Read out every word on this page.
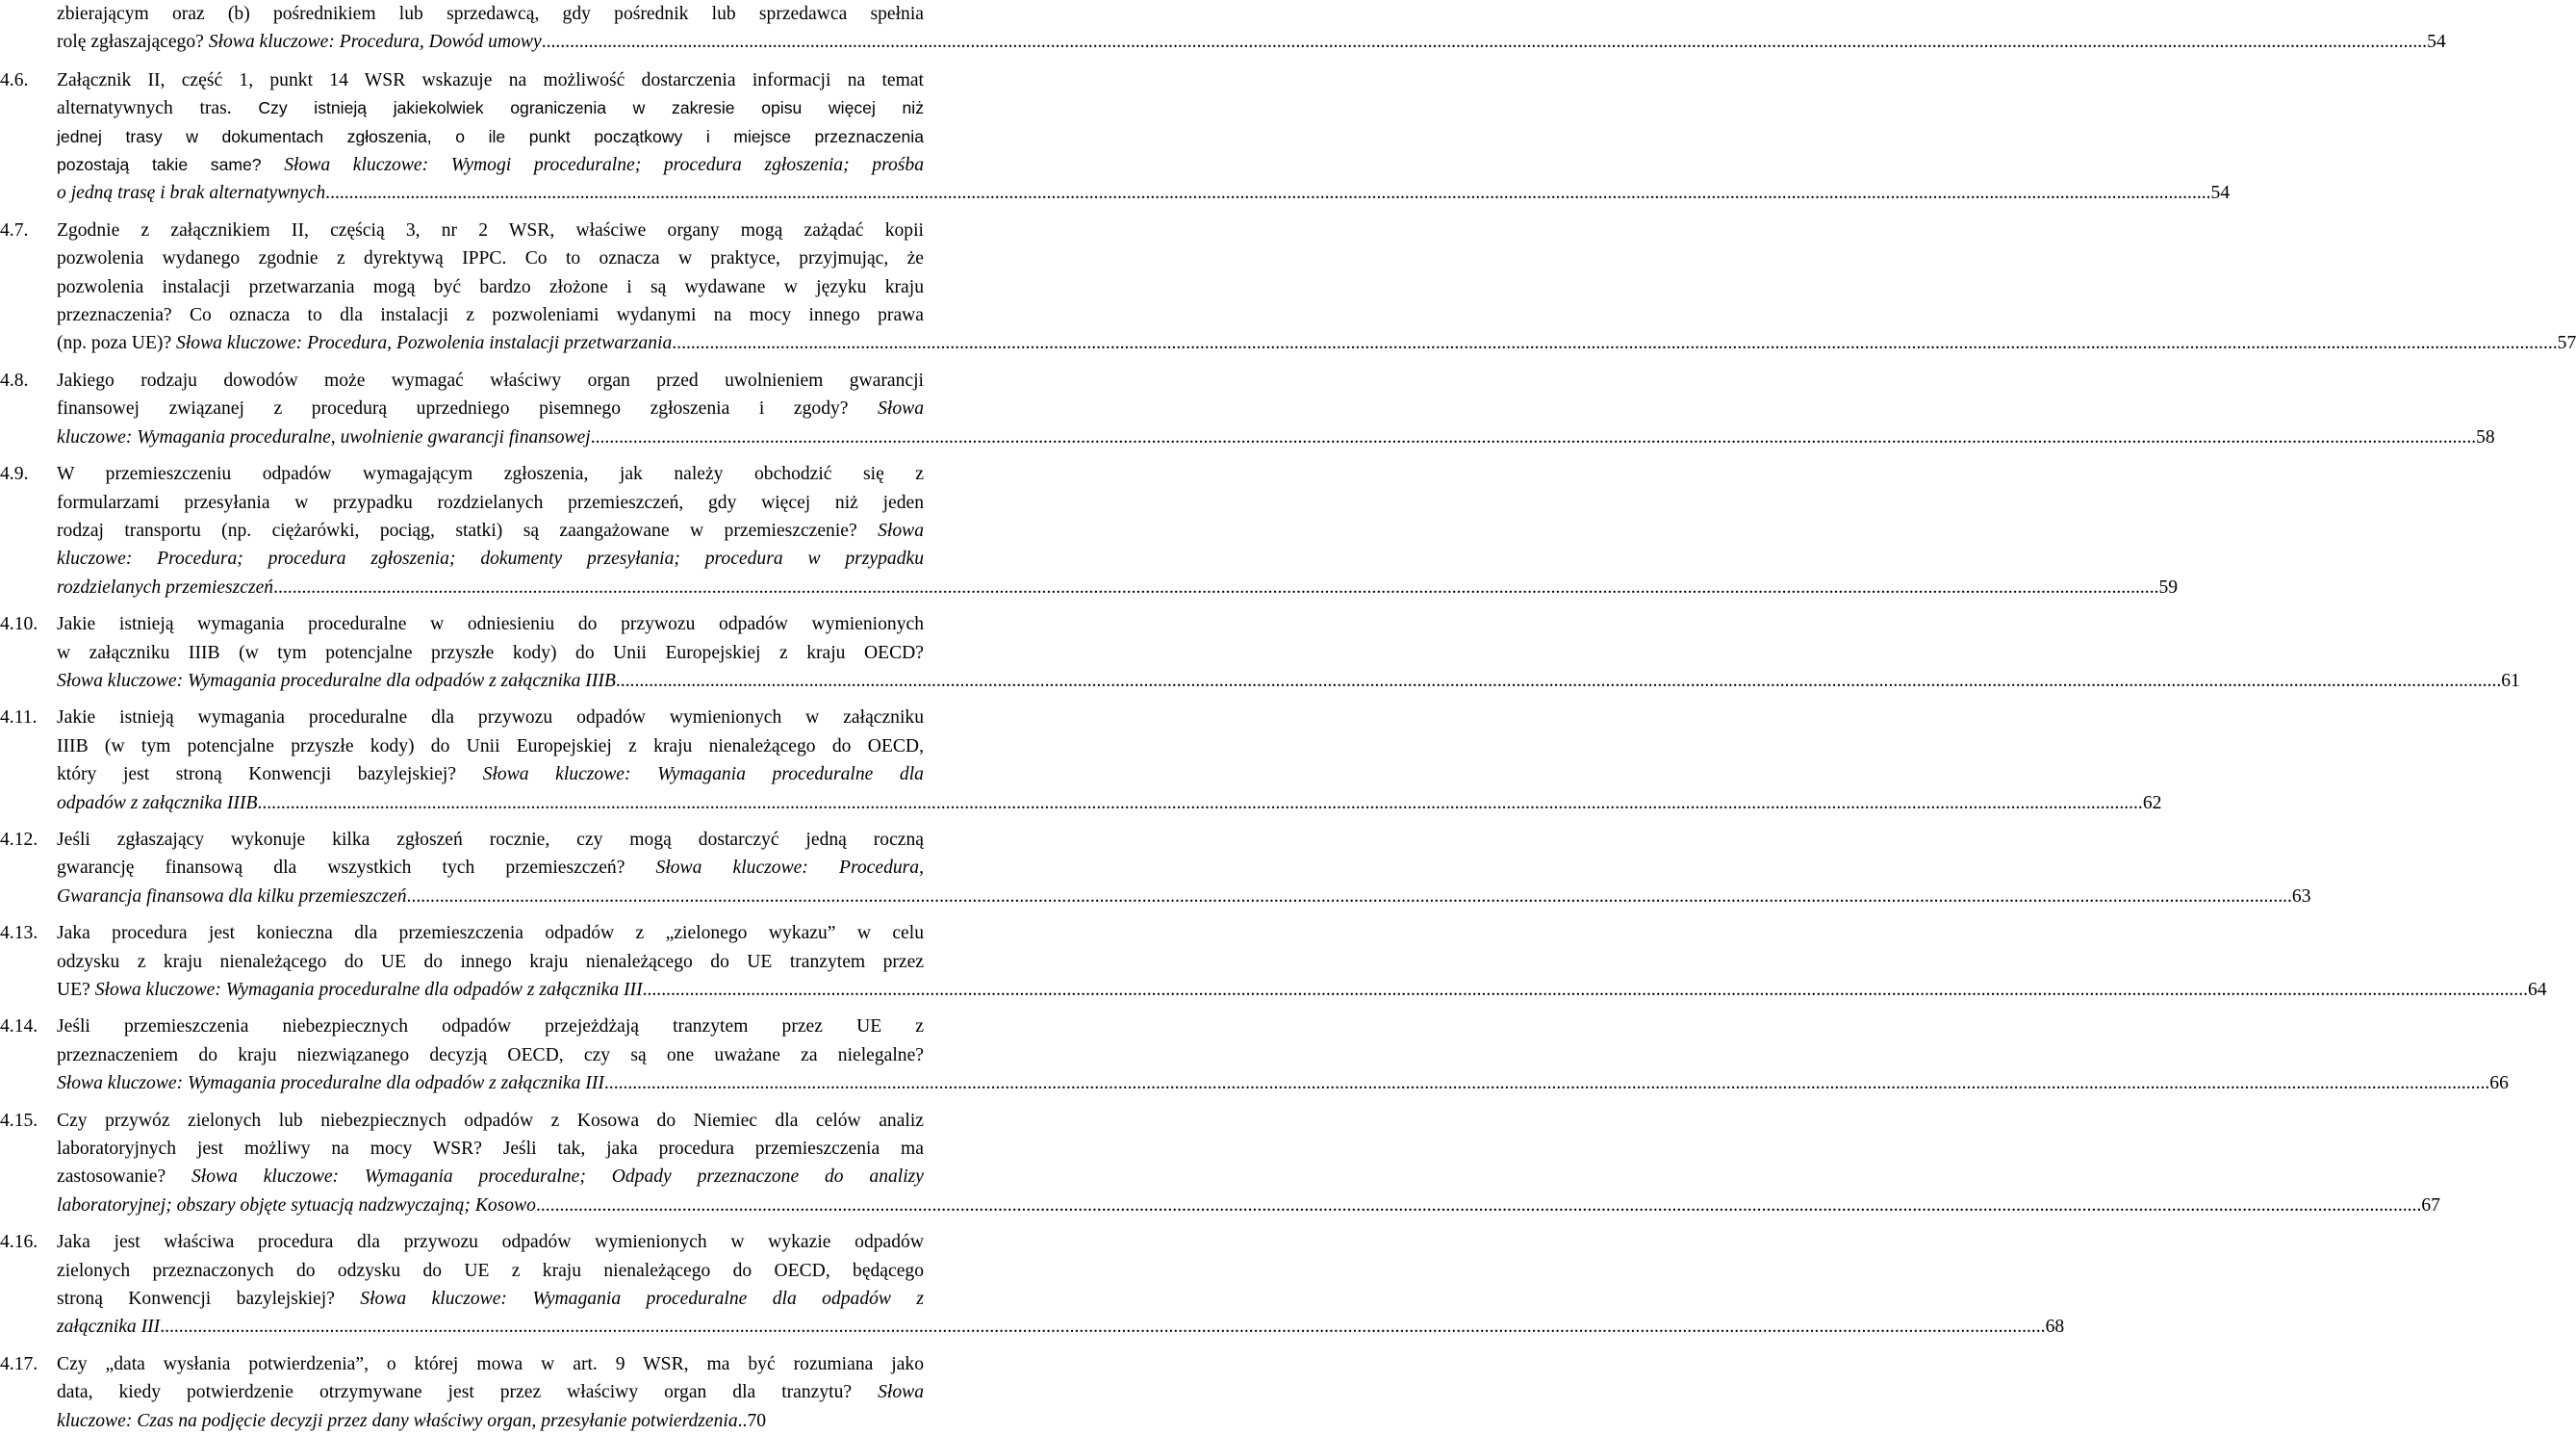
zbierającym oraz (b) pośrednikiem lub sprzedawcą, gdy pośrednik lub sprzedawca spełnia
rolę zgłaszającego? Słowa kluczowe: Procedura, Dowód umowy ................................................................................................................................................................................................................................................................................................................................................................................................................ 54
4.6.	Załącznik II, część 1, punkt 14 WSR wskazuje na możliwość dostarczenia informacji na temat
alternatywnych tras. Czy istnieją jakiekolwiek ograniczenia w zakresie opisu więcej niż
jednej trasy w dokumentach zgłoszenia, o ile punkt początkowy i miejsce przeznaczenia
pozostają takie same? Słowa kluczowe: Wymogi proceduralne; procedura zgłoszenia; prośba
o jedną trasę i brak alternatywnych ................................................................................................................................................................................................................................................................................................................................................................................................................ 54
4.7.	Zgodnie z załącznikiem II, częścią 3, nr 2 WSR, właściwe organy mogą zażądać kopii
pozwolenia wydanego zgodnie z dyrektywą IPPC. Co to oznacza w praktyce, przyjmując, że
pozwolenia instalacji przetwarzania mogą być bardzo złożone i są wydawane w języku kraju
przeznaczenia? Co oznacza to dla instalacji z pozwoleniami wydanymi na mocy innego prawa
(np. poza UE)? Słowa kluczowe: Procedura, Pozwolenia instalacji przetwarzania ................................................................................................................................................................................................................................................................................................................................................................................................................ 57
4.8.	Jakiego rodzaju dowodów może wymagać właściwy organ przed uwolnieniem gwarancji
finansowej związanej z procedurą uprzedniego pisemnego zgłoszenia i zgody? Słowa
kluczowe: Wymagania proceduralne, uwolnienie gwarancji finansowej ................................................................................................................................................................................................................................................................................................................................................................................................................ 58
4.9.	W przemieszczeniu odpadów wymagającym zgłoszenia, jak należy obchodzić się z
formularzami przesyłania w przypadku rozdzielanych przemieszczeń, gdy więcej niż jeden
rodzaj transportu (np. ciężarówki, pociąg, statki) są zaangażowane w przemieszczenie? Słowa
kluczowe: Procedura; procedura zgłoszenia; dokumenty przesyłania; procedura w przypadku
rozdzielanych przemieszczeń ................................................................................................................................................................................................................................................................................................................................................................................................................ 59
4.10.	Jakie istnieją wymagania proceduralne w odniesieniu do przywozu odpadów wymienionych
w załączniku IIIB (w tym potencjalne przyszłe kody) do Unii Europejskiej z kraju OECD?
Słowa kluczowe: Wymagania proceduralne dla odpadów z załącznika IIIB ................................................................................................................................................................................................................................................................................................................................................................................................................ 61
4.11.	Jakie istnieją wymagania proceduralne dla przywozu odpadów wymienionych w załączniku
IIIB (w tym potencjalne przyszłe kody) do Unii Europejskiej z kraju nienależącego do OECD,
który jest stroną Konwencji bazylejskiej? Słowa kluczowe: Wymagania proceduralne dla
odpadów z załącznika IIIB ................................................................................................................................................................................................................................................................................................................................................................................................................ 62
4.12.	Jeśli zgłaszający wykonuje kilka zgłoszeń rocznie, czy mogą dostarczyć jedną roczną
gwarancję finansową dla wszystkich tych przemieszczeń? Słowa kluczowe: Procedura,
Gwarancja finansowa dla kilku przemieszczeń ................................................................................................................................................................................................................................................................................................................................................................................................................ 63
4.13.	Jaka procedura jest konieczna dla przemieszczenia odpadów z „zielonego wykazu” w celu
odzysku z kraju nienależącego do UE do innego kraju nienależącego do UE tranzytem przez
UE? Słowa kluczowe: Wymagania proceduralne dla odpadów z załącznika III ................................................................................................................................................................................................................................................................................................................................................................................................................ 64
4.14.	Jeśli przemieszczenia niebezpiecznych odpadów przejeżdżają tranzytem przez UE z
przeznaczeniem do kraju niezwiązanego decyzją OECD, czy są one uważane za nielegalne?
Słowa kluczowe: Wymagania proceduralne dla odpadów z załącznika III ................................................................................................................................................................................................................................................................................................................................................................................................................ 66
4.15.	Czy przywóz zielonych lub niebezpiecznych odpadów z Kosowa do Niemiec dla celów analiz
laboratoryjnych jest możliwy na mocy WSR? Jeśli tak, jaka procedura przemieszczenia ma
zastosowanie? Słowa kluczowe: Wymagania proceduralne; Odpady przeznaczone do analizy
laboratoryjnej; obszary objęte sytuacją nadzwyczajną; Kosowo ................................................................................................................................................................................................................................................................................................................................................................................................................ 67
4.16.	Jaka jest właściwa procedura dla przywozu odpadów wymienionych w wykazie odpadów
zielonych przeznaczonych do odzysku do UE z kraju nienależącego do OECD, będącego
stroną Konwencji bazylejskiej? Słowa kluczowe: Wymagania proceduralne dla odpadów z
załącznika III ................................................................................................................................................................................................................................................................................................................................................................................................................ 68
4.17.	Czy „data wysłania potwierdzenia”, o której mowa w art. 9 WSR, ma być rozumiana jako
data, kiedy potwierdzenie otrzymywane jest przez właściwy organ dla tranzytu? Słowa
kluczowe: Czas na podjęcie decyzji przez dany właściwy organ, przesyłanie potwierdzenia .. 70
